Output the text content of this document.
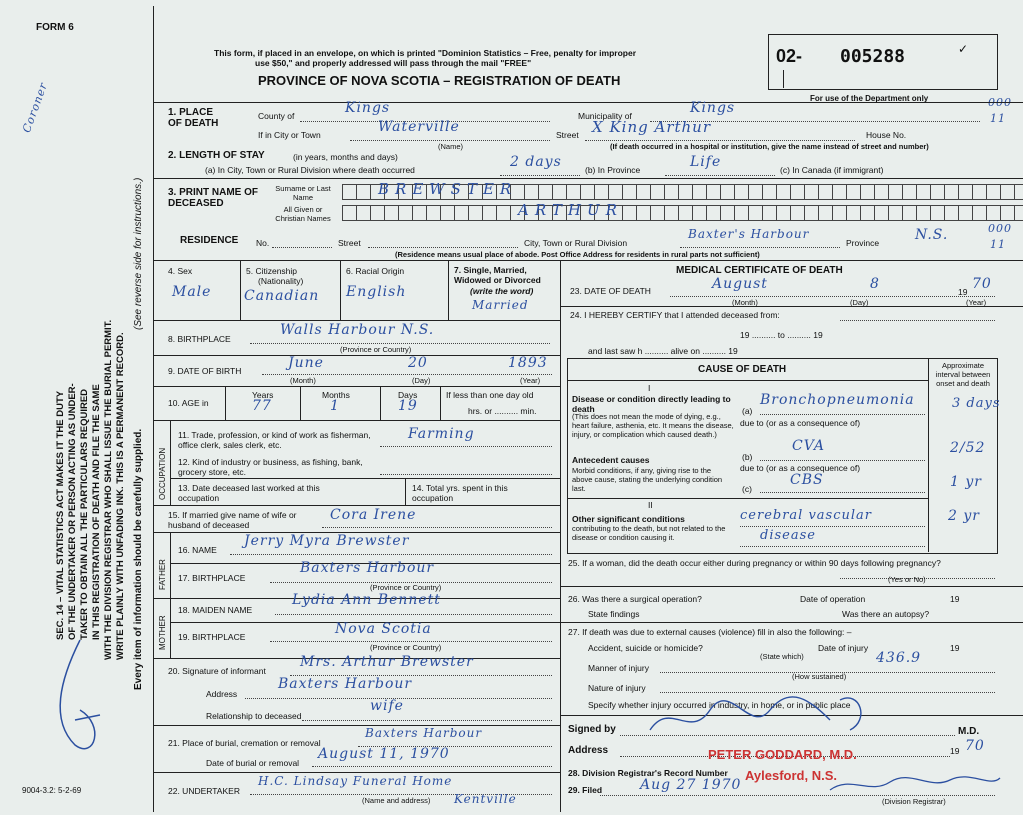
FORM 6
Coroner
SEC. 14 – VITAL STATISTICS ACT MAKES IT THE DUTY OF THE UNDERTAKER OR PERSON ACTING AS UNDER- TAKER TO OBTAIN ALL THE PARTICULARS REQUIRED IN THIS REGISTRATION OF DEATH AND FILE THE SAME WITH THE DIVISION REGISTRAR WHO SHALL ISSUE THE BURIAL PERMIT. WRITE PLAINLY WITH UNFADING INK. THIS IS A PERMANENT RECORD. Every item of information should be carefully supplied.
(See reverse side for instructions.)
9004-3.2: 5-2-69
This form, if placed in an envelope, on which is printed "Dominion Statistics – Free, penalty for improper
use $50," and properly addressed will pass through the mail "FREE"
PROVINCE OF NOVA SCOTIA – REGISTRATION OF DEATH
02- 005288	✓
For use of the Department only	000
11
1. PLACE OF DEATH
County of	Kings	Municipality of	Kings
If in City or Town	Waterville
(Name)
Street X King Arthur	House No.
(If death occurred in a hospital or institution, give the name instead of street and number)
2. LENGTH OF STAY	(in years, months and days)
(a) In City, Town or Rural Division where death occurred	2 days	(b) In Province	Life	(c) In Canada (if immigrant)
3. PRINT NAME OF DECEASED
Surname or Last Name	BREWSTER
All Given or Christian Names	ARTHUR
RESIDENCE No.	Street	City, Town or Rural Division
Baxter's Harbour
Province	N.S.	000
11
(Residence means usual place of abode. Post Office Address for residents in rural parts not sufficient)
4. Sex
Male
5. Citizenship
(Nationality)
Canadian
6. Racial Origin
English
7. Single, Married, Widowed or Divorced
(write the word)
Married
8. BIRTHPLACE
Walls Harbour N.S.
(Province or Country)
9. DATE OF BIRTH	June	20	1893
(Month)	(Day)	(Year)
10. AGE in
Years
77
Months
1
Days
19
If less than one day old
hrs. or .......... min.
OCCUPATION
11. Trade, profession, or kind of work as fisherman, office clerk, sales clerk, etc.
Farming
12. Kind of industry or business, as fishing, bank, grocery store, etc.
13. Date deceased last worked at this occupation
14. Total yrs. spent in this occupation
15. If married give name of wife or husband of deceased
Cora Irene
FATHER
16. NAME
Jerry Myra Brewster
17. BIRTHPLACE
Baxters Harbour
(Province or Country)
MOTHER
18. MAIDEN NAME
Lydia Ann Bennett
19. BIRTHPLACE	Nova Scotia
(Province or Country)
20. Signature of informant
Mrs. Arthur Brewster
Address
Baxters Harbour
Relationship to deceased
wife
21. Place of burial, cremation or removal
Baxters Harbour
Date of burial or removal
August 11, 1970
22. UNDERTAKER
H.C. Lindsay Funeral Home
(Name and address) Kentville
MEDICAL CERTIFICATE OF DEATH
23. DATE OF DEATH	August	8	19 70
(Month)	(Day)	(Year)
24. I HEREBY CERTIFY that I attended deceased from:
19 .......... to .......... 19
and last saw h .......... alive on .......... 19
CAUSE OF DEATH	Approximate interval between onset and death
I
Disease or condition directly leading to death
(This does not mean the mode of dying, e.g., heart failure, asthenia, etc. It means the disease, injury, or complication which caused death.)
(a)
Bronchopneumonia	3 days
due to (or as a consequence of)
Antecedent causes
Morbid conditions, if any, giving rise to the above cause, stating the underlying condition last.
(b)
CVA	2/52
due to (or as a consequence of)
(c)
CBS	1 yr
II
Other significant conditions
contributing to the death, but not related to the disease or condition causing it.
cerebral vascular
disease
2 yr
25. If a woman, did the death occur either during pregnancy or within 90 days following pregnancy?
(Yes or No)
26. Was there a surgical operation?	Date of operation	19
State findings	Was there an autopsy?
27. If death was due to external causes (violence) fill in also the following: –
Accident, suicide or homicide?	Date of injury	19
(State which)	436.9
Manner of injury
(How sustained)
Nature of injury
Specify whether injury occurred in industry, in home, or in public place
Signed by	M.D.
Address	19 70
PETER GODDARD, M.D.
Aylesford, N.S.
28. Division Registrar's Record Number
29. Filed	Aug 27 1970
(Division Registrar)
